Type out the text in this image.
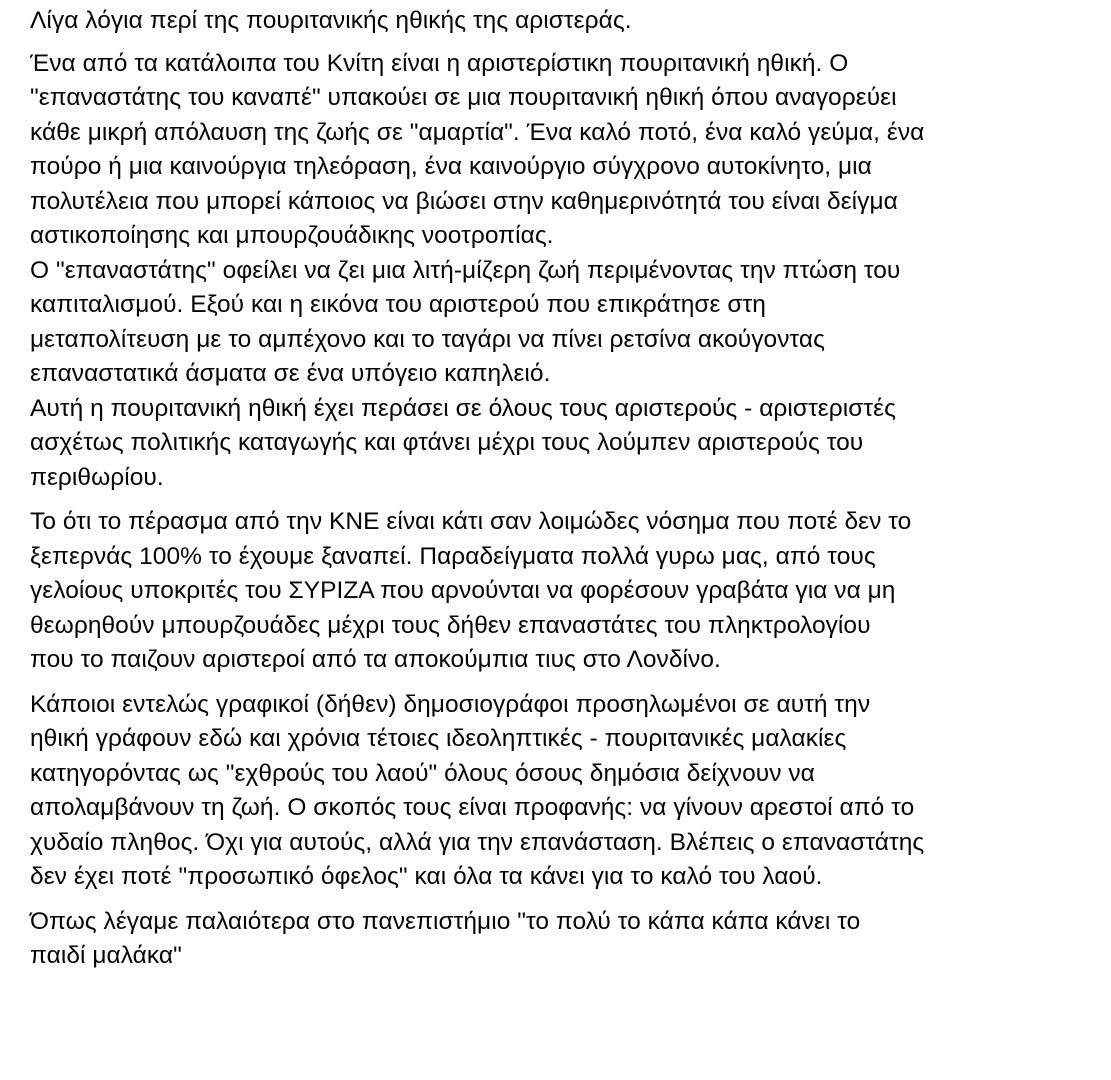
Λίγα λόγια περί της πουριτανικής ηθικής της αριστεράς.
Ένα από τα κατάλοιπα του Κνίτη είναι η αριστερίστικη πουριτανική ηθική. Ο
"επαναστάτης του καναπέ" υπακούει σε μια πουριτανική ηθική όπου αναγορεύει
κάθε μικρή απόλαυση της ζωής σε "αμαρτία". Ένα καλό ποτό, ένα καλό γεύμα, ένα
πούρο ή μια καινούργια τηλεόραση, ένα καινούργιο σύγχρονο αυτοκίνητο, μια
πολυτέλεια που μπορεί κάποιος να βιώσει στην καθημερινότητά του είναι δείγμα
αστικοποίησης και μπουρζουάδικης νοοτροπίας.
Ο "επαναστάτης" οφείλει να ζει μια λιτή-μίζερη ζωή περιμένοντας την πτώση του
καπιταλισμού. Εξού και η εικόνα του αριστερού που επικράτησε στη
μεταπολίτευση με το αμπέχονο και το ταγάρι να πίνει ρετσίνα ακούγοντας
επαναστατικά άσματα σε ένα υπόγειο καπηλειό.
Αυτή η πουριτανική ηθική έχει περάσει σε όλους τους αριστερούς - αριστεριστές
ασχέτως πολιτικής καταγωγής και φτάνει μέχρι τους λούμπεν αριστερούς του
περιθωρίου.
Το ότι το πέρασμα από την ΚΝΕ είναι κάτι σαν λοιμώδες νόσημα που ποτέ δεν το
ξεπερνάς 100% το έχουμε ξαναπεί. Παραδείγματα πολλά γυρω μας, από τους
γελοίους υποκριτές του ΣΥΡΙΖΑ που αρνούνται να φορέσουν γραβάτα για να μη
θεωρηθούν μπουρζουάδες μέχρι τους δήθεν επαναστάτες του πληκτρολογίου
που το παιζουν αριστεροί από τα αποκούμπια τιυς στο Λονδίνο.
Κάποιοι εντελώς γραφικοί (δήθεν) δημοσιογράφοι προσηλωμένοι σε αυτή την
ηθική γράφουν εδώ και χρόνια τέτοιες ιδεοληπτικές - πουριτανικές μαλακίες
κατηγορόντας ως "εχθρούς του λαού" όλους όσους δημόσια δείχνουν να
απολαμβάνουν τη ζωή. Ο σκοπός τους είναι προφανής: να γίνουν αρεστοί από το
χυδαίο πληθος. Όχι για αυτούς, αλλά για την επανάσταση. Βλέπεις ο επαναστάτης
δεν έχει ποτέ "προσωπικό όφελος" και όλα τα κάνει για το καλό του λαού.
Όπως λέγαμε παλαιότερα στο πανεπιστήμιο "το πολύ το κάπα κάπα κάνει το
παιδί μαλάκα"
